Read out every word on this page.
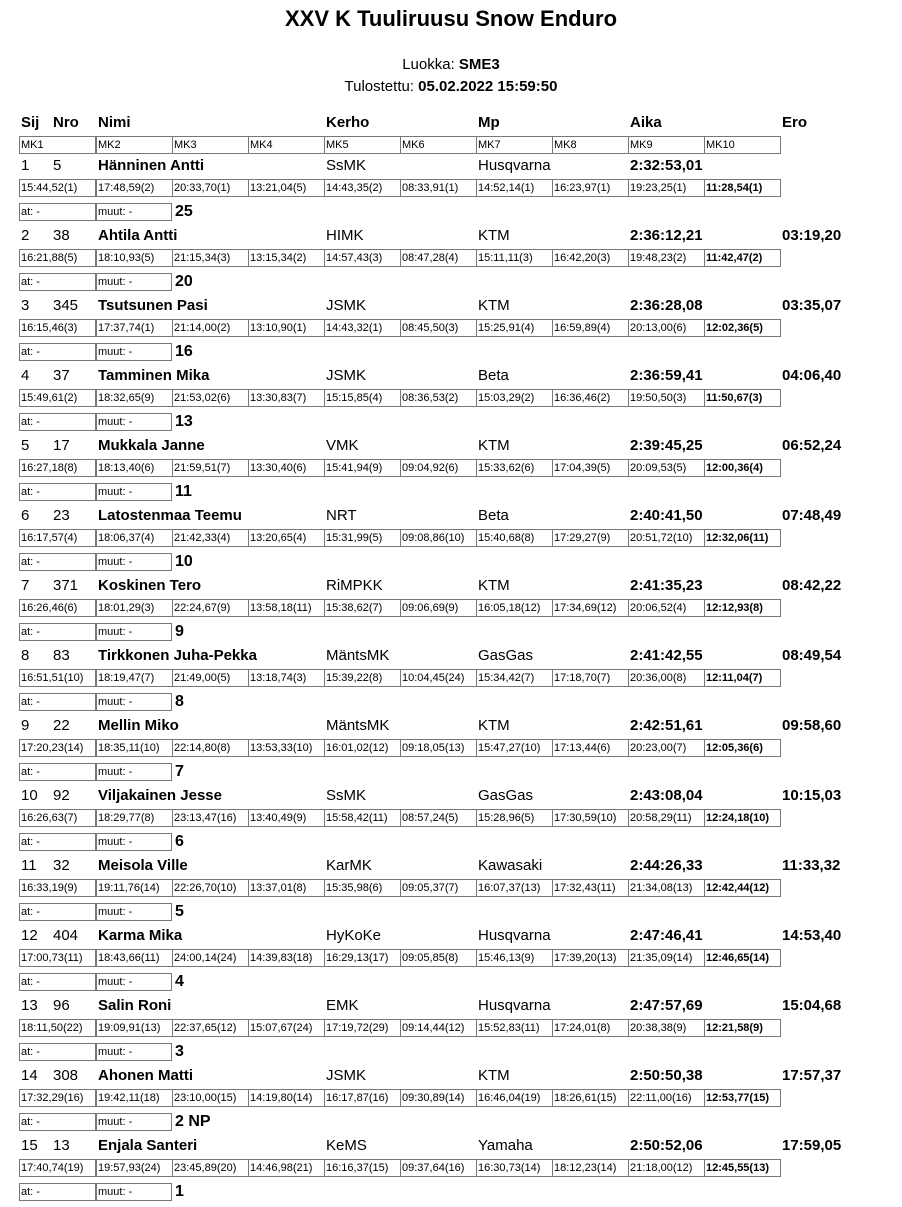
XXV K Tuuliruusu Snow Enduro
Luokka: SME3
Tulostettu: 05.02.2022 15:59:50
Sij Nro Nimi	Kerho	Mp	Aika	Ero
MK1	MK2	MK3	MK4	MK5	MK6	MK7	MK8	MK9	MK10
1 5 Hänninen Antti	SsMK	Husqvarna	2:32:53,01
15:44,52(1)	17:48,59(2)	20:33,70(1)	13:21,04(5)	14:43,35(2)	08:33,91(1)	14:52,14(1)	16:23,97(1)	19:23,25(1)	11:28,54(1)
at: -	muut: -	25
2 38 Ahtila Antti	HIMK	KTM	2:36:12,21	03:19,20
16:21,88(5)	18:10,93(5)	21:15,34(3)	13:15,34(2)	14:57,43(3)	08:47,28(4)	15:11,11(3)	16:42,20(3)	19:48,23(2)	11:42,47(2)
at: -	muut: -	20
3 345 Tsutsunen Pasi	JSMK	KTM	2:36:28,08	03:35,07
16:15,46(3)	17:37,74(1)	21:14,00(2)	13:10,90(1)	14:43,32(1)	08:45,50(3)	15:25,91(4)	16:59,89(4)	20:13,00(6)	12:02,36(5)
at: -	muut: -	16
4 37 Tamminen Mika	JSMK	Beta	2:36:59,41	04:06,40
15:49,61(2)	18:32,65(9)	21:53,02(6)	13:30,83(7)	15:15,85(4)	08:36,53(2)	15:03,29(2)	16:36,46(2)	19:50,50(3)	11:50,67(3)
at: -	muut: -	13
5 17 Mukkala Janne	VMK	KTM	2:39:45,25	06:52,24
16:27,18(8)	18:13,40(6)	21:59,51(7)	13:30,40(6)	15:41,94(9)	09:04,92(6)	15:33,62(6)	17:04,39(5)	20:09,53(5)	12:00,36(4)
at: -	muut: -	11
6 23 Latostenmaa Teemu	NRT	Beta	2:40:41,50	07:48,49
16:17,57(4)	18:06,37(4)	21:42,33(4)	13:20,65(4)	15:31,99(5)	09:08,86(10)	15:40,68(8)	17:29,27(9)	20:51,72(10)	12:32,06(11)
at: -	muut: -	10
7 371 Koskinen Tero	RiMPKK	KTM	2:41:35,23	08:42,22
16:26,46(6)	18:01,29(3)	22:24,67(9)	13:58,18(11)	15:38,62(7)	09:06,69(9)	16:05,18(12)	17:34,69(12)	20:06,52(4)	12:12,93(8)
at: -	muut: -	9
8 83 Tirkkonen Juha-Pekka	MäntsMK	GasGas	2:41:42,55	08:49,54
16:51,51(10)	18:19,47(7)	21:49,00(5)	13:18,74(3)	15:39,22(8)	10:04,45(24)	15:34,42(7)	17:18,70(7)	20:36,00(8)	12:11,04(7)
at: -	muut: -	8
9 22 Mellin Miko	MäntsMK	KTM	2:42:51,61	09:58,60
17:20,23(14)	18:35,11(10)	22:14,80(8)	13:53,33(10)	16:01,02(12)	09:18,05(13)	15:47,27(10)	17:13,44(6)	20:23,00(7)	12:05,36(6)
at: -	muut: -	7
10 92 Viljakainen Jesse	SsMK	GasGas	2:43:08,04	10:15,03
16:26,63(7)	18:29,77(8)	23:13,47(16)	13:40,49(9)	15:58,42(11)	08:57,24(5)	15:28,96(5)	17:30,59(10)	20:58,29(11)	12:24,18(10)
at: -	muut: -	6
11 32 Meisola Ville	KarMK	Kawasaki	2:44:26,33	11:33,32
16:33,19(9)	19:11,76(14)	22:26,70(10)	13:37,01(8)	15:35,98(6)	09:05,37(7)	16:07,37(13)	17:32,43(11)	21:34,08(13)	12:42,44(12)
at: -	muut: -	5
12 404 Karma Mika	HyKoKe	Husqvarna	2:47:46,41	14:53,40
17:00,73(11)	18:43,66(11)	24:00,14(24)	14:39,83(18)	16:29,13(17)	09:05,85(8)	15:46,13(9)	17:39,20(13)	21:35,09(14)	12:46,65(14)
at: -	muut: -	4
13 96 Salin Roni	EMK	Husqvarna	2:47:57,69	15:04,68
18:11,50(22)	19:09,91(13)	22:37,65(12)	15:07,67(24)	17:19,72(29)	09:14,44(12)	15:52,83(11)	17:24,01(8)	20:38,38(9)	12:21,58(9)
at: -	muut: -	3
14 308 Ahonen Matti	JSMK	KTM	2:50:50,38	17:57,37
17:32,29(16)	19:42,11(18)	23:10,00(15)	14:19,80(14)	16:17,87(16)	09:30,89(14)	16:46,04(19)	18:26,61(15)	22:11,00(16)	12:53,77(15)
at: -	muut: -	2 NP
15 13 Enjala Santeri	KeMS	Yamaha	2:50:52,06	17:59,05
17:40,74(19)	19:57,93(24)	23:45,89(20)	14:46,98(21)	16:16,37(15)	09:37,64(16)	16:30,73(14)	18:12,23(14)	21:18,00(12)	12:45,55(13)
at: -	muut: -	1
